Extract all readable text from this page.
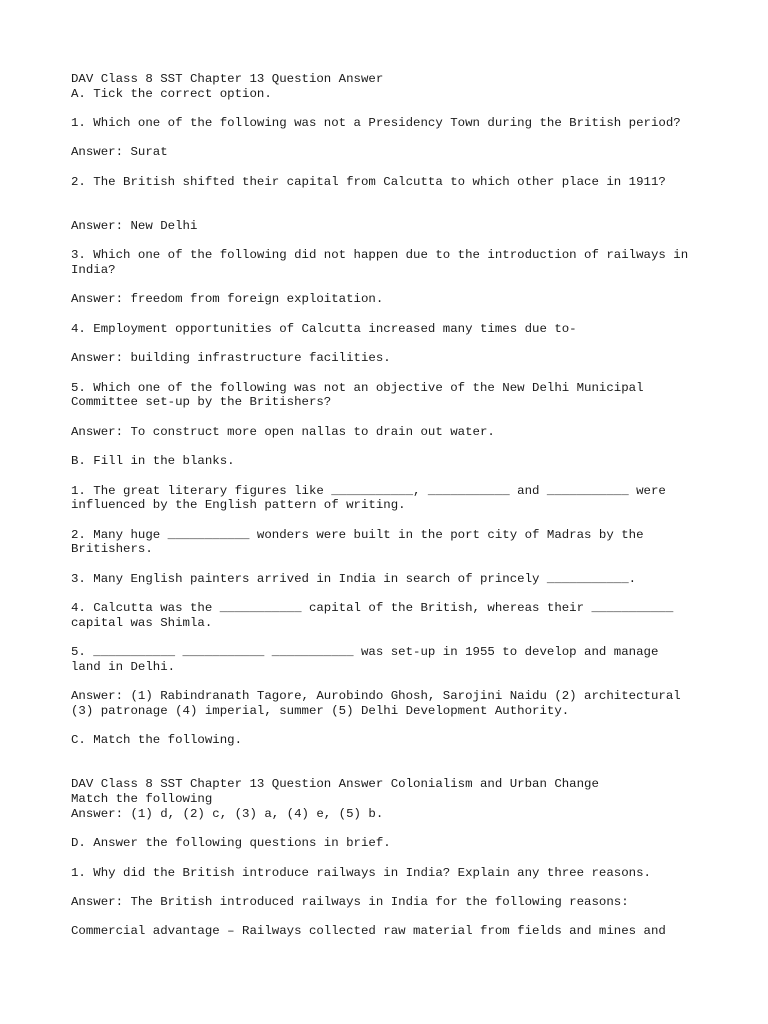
DAV Class 8 SST Chapter 13 Question Answer

A. Tick the correct option.

1. Which one of the following was not a Presidency Town during the British period?

Answer: Surat

2. The British shifted their capital from Calcutta to which other place in 1911?

Answer: New Delhi

3. Which one of the following did not happen due to the introduction of railways in

India?

Answer: freedom from foreign exploitation.

4. Employment opportunities of Calcutta increased many times due to-

Answer: building infrastructure facilities.

5. Which one of the following was not an objective of the New Delhi Municipal

Committee set-up by the Britishers?

Answer: To construct more open nallas to drain out water.

B. Fill in the blanks.

1. The great literary figures like ___________, ___________ and ___________ were

influenced by the English pattern of writing.

2. Many huge ___________ wonders were built in the port city of Madras by the

Britishers.

3. Many English painters arrived in India in search of princely ___________.

4. Calcutta was the ___________ capital of the British, whereas their ___________

capital was Shimla.

5. ___________ ___________ ___________ was set-up in 1955 to develop and manage

land in Delhi.

Answer: (1) Rabindranath Tagore, Aurobindo Ghosh, Sarojini Naidu (2) architectural

(3) patronage (4) imperial, summer (5) Delhi Development Authority.

C. Match the following.

DAV Class 8 SST Chapter 13 Question Answer Colonialism and Urban Change

Match the following

Answer: (1) d, (2) c, (3) a, (4) e, (5) b.

D. Answer the following questions in brief.

1. Why did the British introduce railways in India? Explain any three reasons.

Answer: The British introduced railways in India for the following reasons:

Commercial advantage – Railways collected raw material from fields and mines and
